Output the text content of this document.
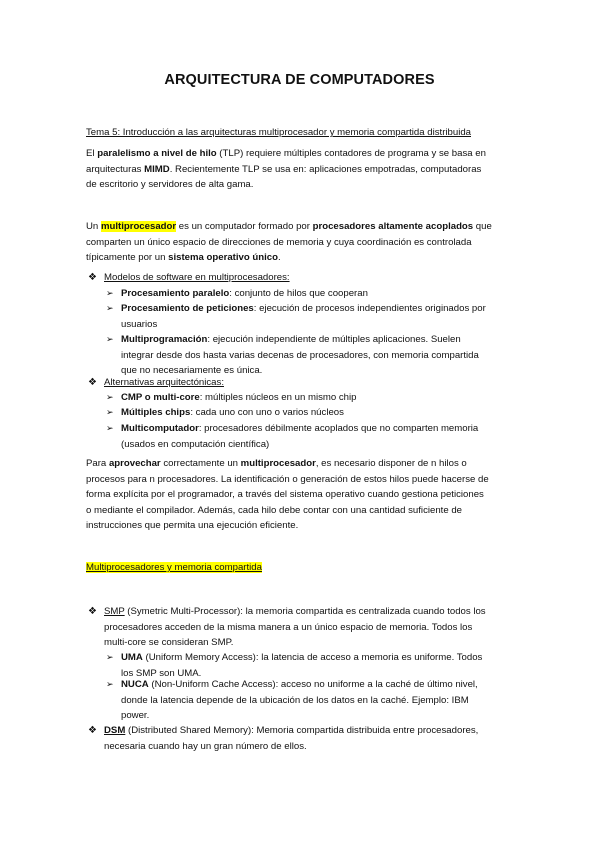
ARQUITECTURA DE COMPUTADORES
Tema 5: Introducción a las arquitecturas multiprocesador y memoria compartida distribuida
El paralelismo a nivel de hilo (TLP) requiere múltiples contadores de programa y se basa en
arquitecturas MIMD. Recientemente TLP se usa en: aplicaciones empotradas, computadoras
de escritorio y servidores de alta gama.
Un multiprocesador es un computador formado por procesadores altamente acoplados que
comparten un único espacio de direcciones de memoria y cuya coordinación es controlada
típicamente por un sistema operativo único.
❖ Modelos de software en multiprocesadores:
➢ Procesamiento paralelo: conjunto de hilos que cooperan
➢ Procesamiento de peticiones: ejecución de procesos independientes originados por
usuarios
➢ Multiprogramación: ejecución independiente de múltiples aplicaciones. Suelen
integrar desde dos hasta varias decenas de procesadores, con memoria compartida
que no necesariamente es única.
❖ Alternativas arquitectónicas:
➢ CMP o multi-core: múltiples núcleos en un mismo chip
➢ Múltiples chips: cada uno con uno o varios núcleos
➢ Multicomputador: procesadores débilmente acoplados que no comparten memoria
(usados en computación científica)
Para aprovechar correctamente un multiprocesador, es necesario disponer de n hilos o
procesos para n procesadores. La identificación o generación de estos hilos puede hacerse de
forma explícita por el programador, a través del sistema operativo cuando gestiona peticiones
o mediante el compilador. Además, cada hilo debe contar con una cantidad suficiente de
instrucciones que permita una ejecución eficiente.
Multiprocesadores y memoria compartida
❖ SMP (Symetric Multi-Processor): la memoria compartida es centralizada cuando todos los
procesadores acceden de la misma manera a un único espacio de memoria. Todos los
multi-core se consideran SMP.
➢ UMA (Uniform Memory Access): la latencia de acceso a memoria es uniforme. Todos
los SMP son UMA.
➢ NUCA (Non-Uniform Cache Access): acceso no uniforme a la caché de último nivel,
donde la latencia depende de la ubicación de los datos en la caché. Ejemplo: IBM
power.
❖ DSM (Distributed Shared Memory): Memoria compartida distribuida entre procesadores,
necesaria cuando hay un gran número de ellos.
